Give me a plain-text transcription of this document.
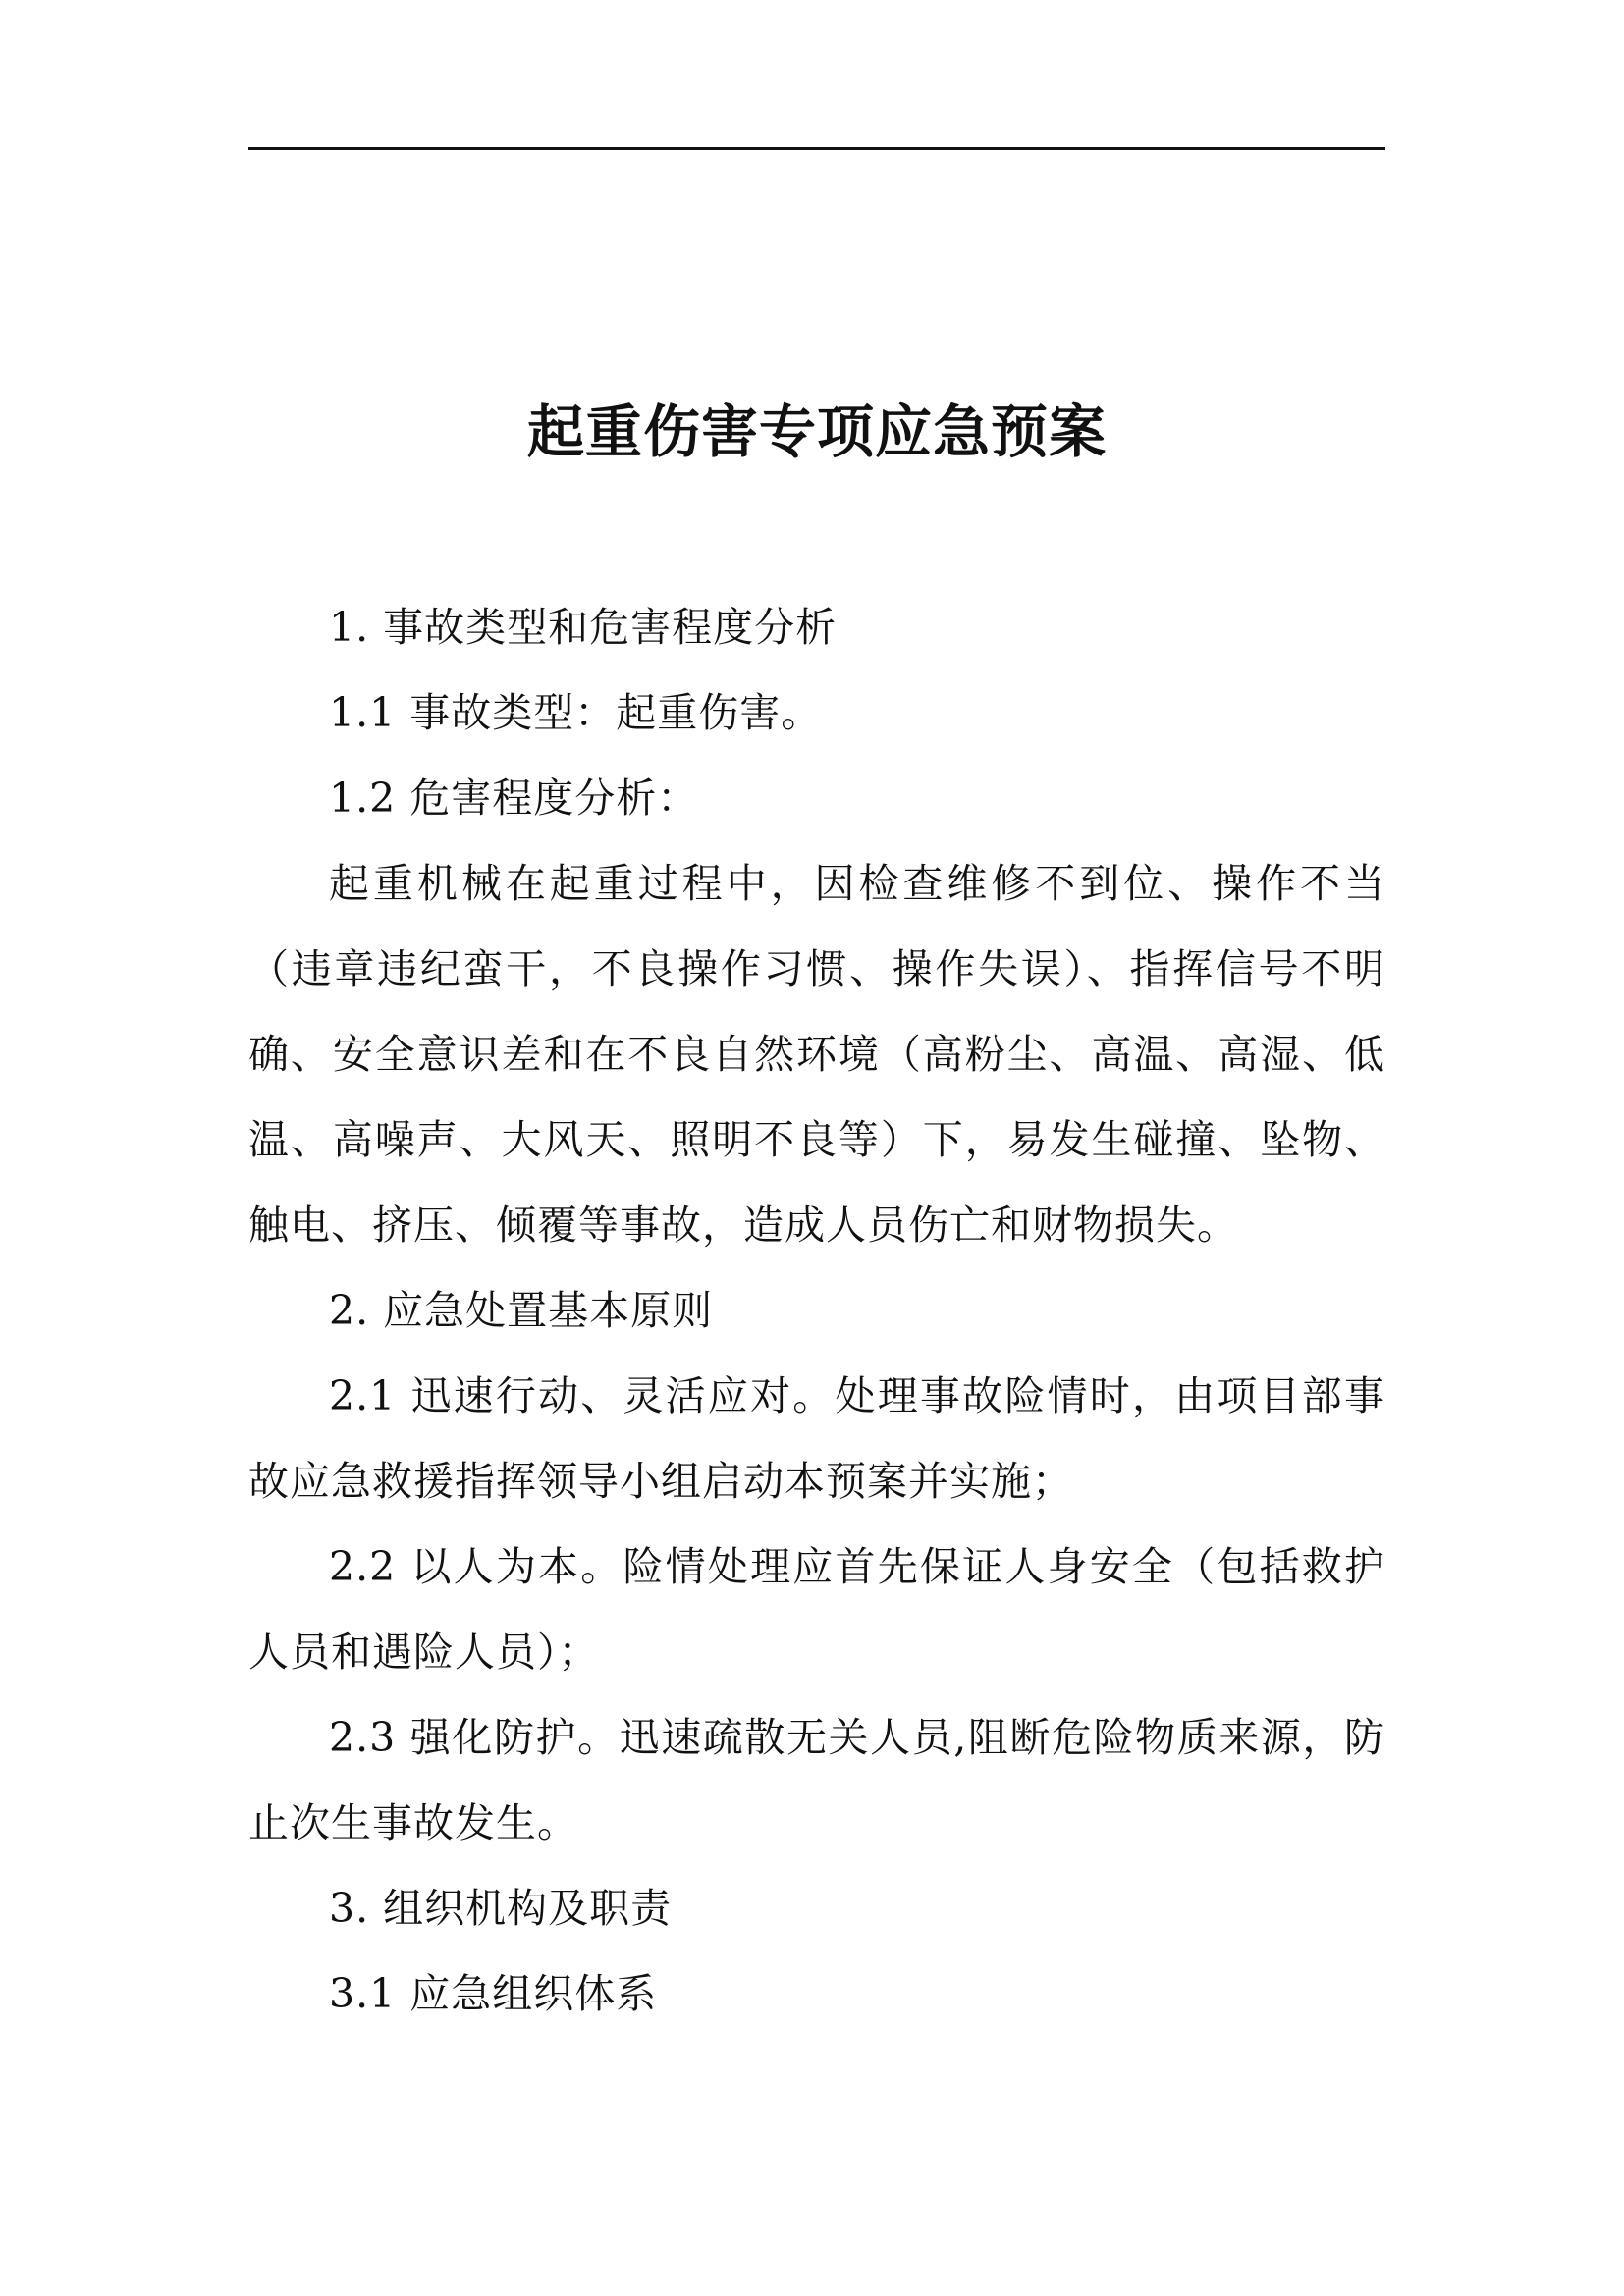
起重伤害专项应急预案

1. 事故类型和危害程度分析

1.1 事故类型：起重伤害。

1.2 危害程度分析：

起重机械在起重过程中，因检查维修不到位、操作不当（违章违纪蛮干，不良操作习惯、操作失误）、指挥信号不明确、安全意识差和在不良自然环境（高粉尘、高温、高湿、低温、高噪声、大风天、照明不良等）下，易发生碰撞、坠物、触电、挤压、倾覆等事故，造成人员伤亡和财物损失。

2. 应急处置基本原则

2.1 迅速行动、灵活应对。处理事故险情时，由项目部事故应急救援指挥领导小组启动本预案并实施；

2.2 以人为本。险情处理应首先保证人身安全（包括救护人员和遇险人员）；

2.3 强化防护。迅速疏散无关人员,阻断危险物质来源，防止次生事故发生。

3. 组织机构及职责

3.1 应急组织体系
